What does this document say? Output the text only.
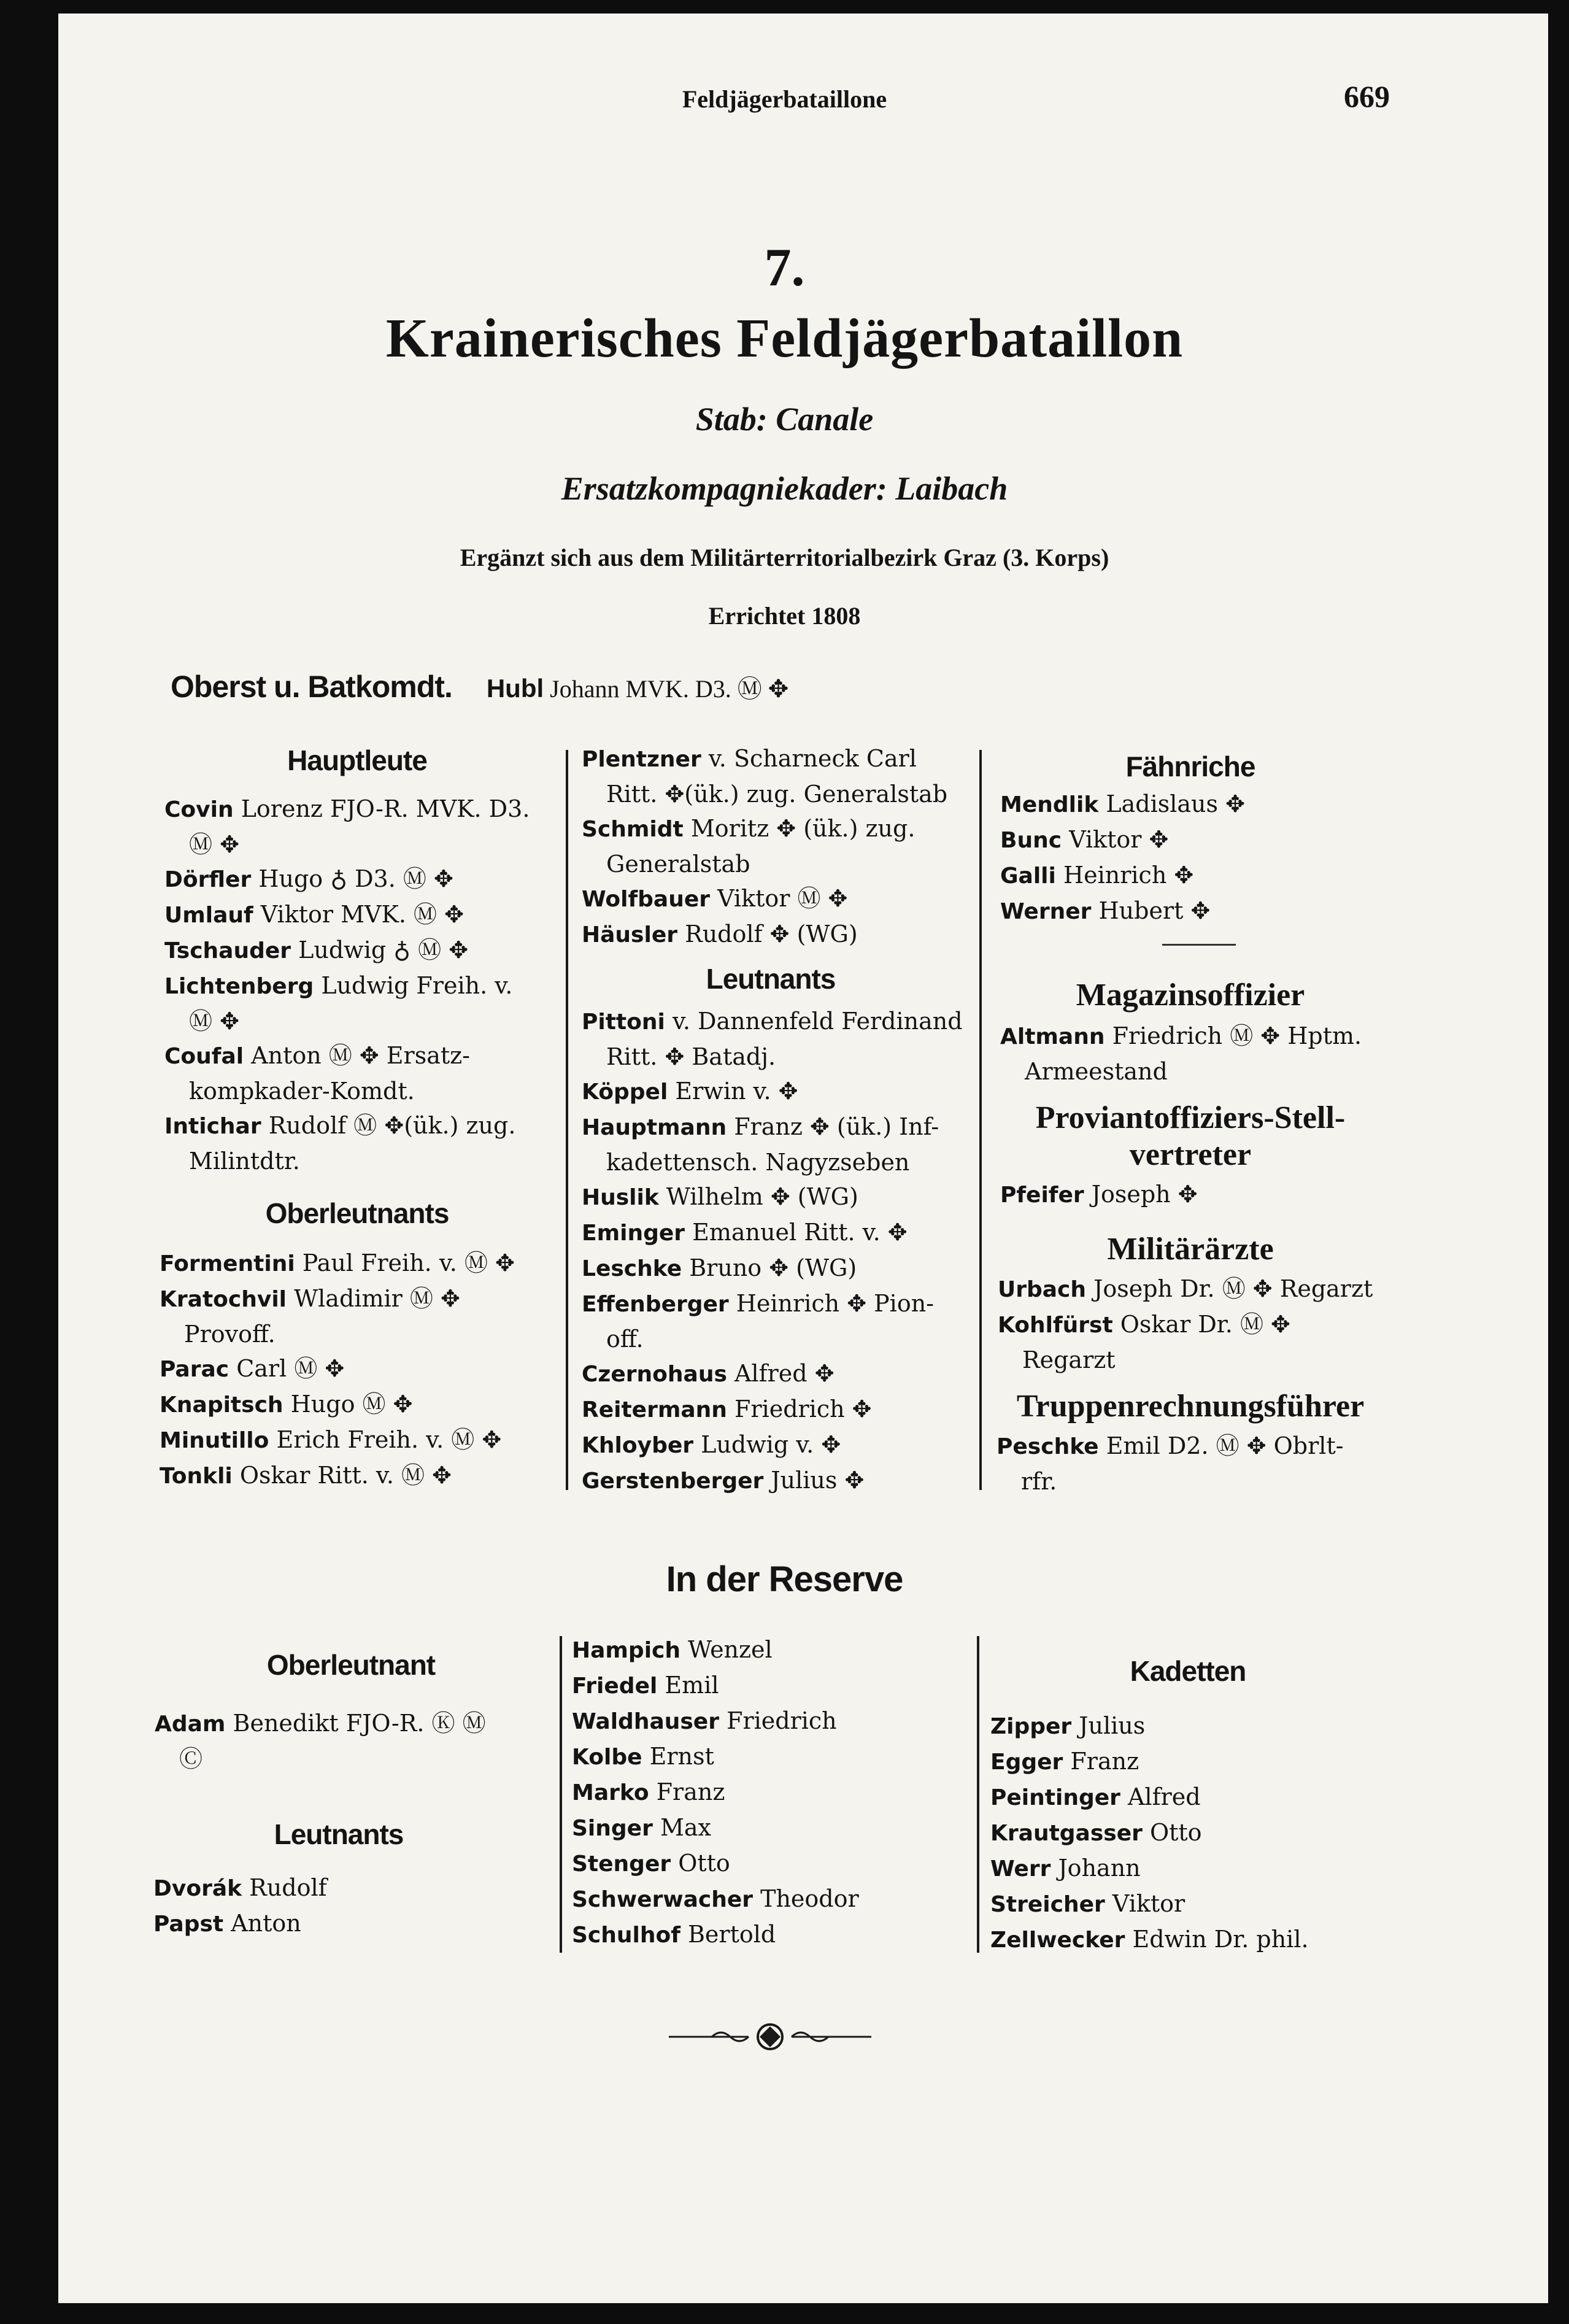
Feldjägerbataillone	669
7.
Krainerisches Feldjägerbataillon
Stab: Canale
Ersatzkompagniekader: Laibach
Ergänzt sich aus dem Militärterritorialbezirk Graz (3. Korps)
Errichtet 1808
Oberst u. Batkomdt. Hubl Johann MVK. D3. Ⓜ ✥
Hauptleute
Covin Lorenz FJO-R. MVK. D3.
Ⓜ ✥
Dörfler Hugo ♁ D3. Ⓜ ✥
Umlauf Viktor MVK. Ⓜ ✥
Tschauder Ludwig ♁ Ⓜ ✥
Lichtenberg Ludwig Freih. v.
Ⓜ ✥
Coufal Anton Ⓜ ✥ Ersatz-
kompkader-Komdt.
Intichar Rudolf Ⓜ ✥(ük.) zug.
Milintdtr.
Oberleutnants
Formentini Paul Freih. v. Ⓜ ✥
Kratochvil Wladimir Ⓜ ✥
Provoff.
Parac Carl Ⓜ ✥
Knapitsch Hugo Ⓜ ✥
Minutillo Erich Freih. v. Ⓜ ✥
Tonkli Oskar Ritt. v. Ⓜ ✥
Plentzner v. Scharneck Carl
Ritt. ✥(ük.) zug. Generalstab
Schmidt Moritz ✥ (ük.) zug.
Generalstab
Wolfbauer Viktor Ⓜ ✥
Häusler Rudolf ✥ (WG)
Leutnants
Pittoni v. Dannenfeld Ferdinand
Ritt. ✥ Batadj.
Köppel Erwin v. ✥
Hauptmann Franz ✥ (ük.) Inf-
kadettensch. Nagyzseben
Huslik Wilhelm ✥ (WG)
Eminger Emanuel Ritt. v. ✥
Leschke Bruno ✥ (WG)
Effenberger Heinrich ✥ Pion-
off.
Czernohaus Alfred ✥
Reitermann Friedrich ✥
Khloyber Ludwig v. ✥
Gerstenberger Julius ✥
Fähnriche
Mendlik Ladislaus ✥
Bunc Viktor ✥
Galli Heinrich ✥
Werner Hubert ✥
Magazinsoffizier
Altmann Friedrich Ⓜ ✥ Hptm.
Armeestand
Proviantoffiziers-Stell-
vertreter
Pfeifer Joseph ✥
Militärärzte
Urbach Joseph Dr. Ⓜ ✥ Regarzt
Kohlfürst Oskar Dr. Ⓜ ✥
Regarzt
Truppenrechnungsführer
Peschke Emil D2. Ⓜ ✥ Obrlt-
rfr.
In der Reserve
Oberleutnant
Adam Benedikt FJO-R. Ⓚ Ⓜ
Ⓒ
Leutnants
Dvorák Rudolf
Papst Anton
Hampich Wenzel
Friedel Emil
Waldhauser Friedrich
Kolbe Ernst
Marko Franz
Singer Max
Stenger Otto
Schwerwacher Theodor
Schulhof Bertold
Kadetten
Zipper Julius
Egger Franz
Peintinger Alfred
Krautgasser Otto
Werr Johann
Streicher Viktor
Zellwecker Edwin Dr. phil.
